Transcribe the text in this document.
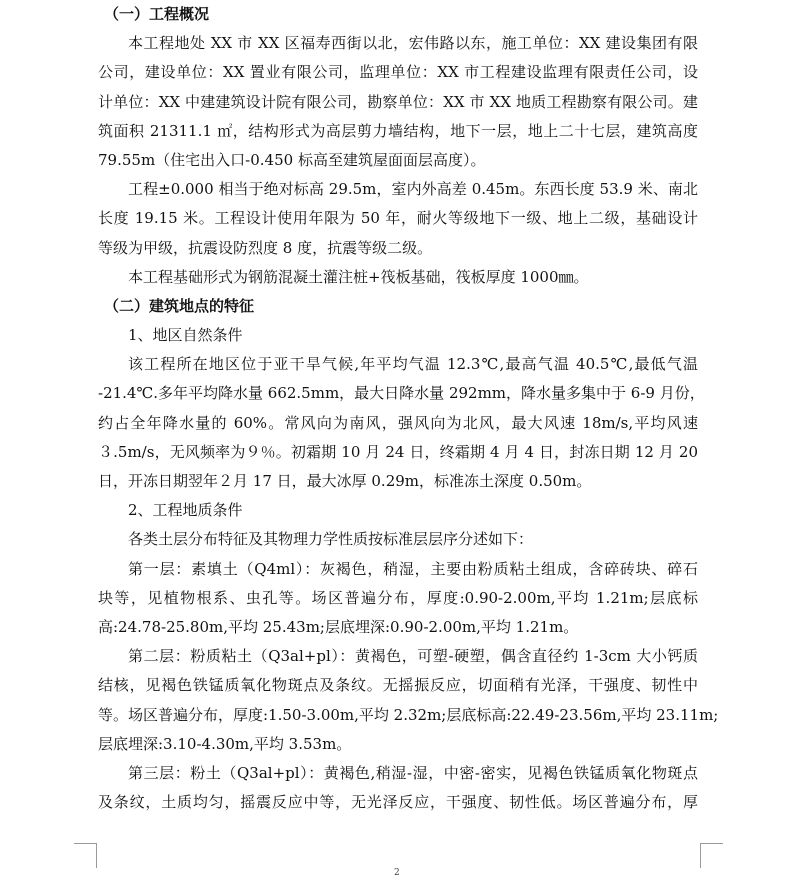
（一）工程概况
本工程地处 XX 市 XX 区福寿西街以北，宏伟路以东，施工单位：XX 建设集团有限
公司，建设单位：XX 置业有限公司，监理单位：XX 市工程建设监理有限责任公司，设
计单位：XX 中建建筑设计院有限公司，勘察单位：XX 市 XX 地质工程勘察有限公司。建
筑面积 21311.1 ㎡，结构形式为高层剪力墙结构，地下一层，地上二十七层，建筑高度
79.55m（住宅出入口-0.450 标高至建筑屋面面层高度）。
工程±0.000 相当于绝对标高 29.5m，室内外高差 0.45m。东西长度 53.9 米、南北
长度 19.15 米。工程设计使用年限为 50 年，耐火等级地下一级、地上二级，基础设计
等级为甲级，抗震设防烈度 8 度，抗震等级二级。
本工程基础形式为钢筋混凝土灌注桩+筏板基础，筏板厚度 1000㎜。
（二）建筑地点的特征
1、地区自然条件
该工程所在地区位于亚干旱气候,年平均气温 12.3℃,最高气温 40.5℃,最低气温
-21.4℃.多年平均降水量 662.5mm，最大日降水量 292mm，降水量多集中于 6-9 月份，
约占全年降水量的 60%。常风向为南风，强风向为北风，最大风速 18m/s,平均风速
３.5m/s，无风频率为９％。初霜期 10 月 24 日，终霜期 4 月 4 日，封冻日期 12 月 20
日，开冻日期翌年２月 17 日，最大冰厚 0.29m，标准冻土深度 0.50m。
2、工程地质条件
各类土层分布特征及其物理力学性质按标准层层序分述如下：
第一层：素填土（Q4ml）：灰褐色，稍湿，主要由粉质粘土组成，含碎砖块、碎石
块等，见植物根系、虫孔等。场区普遍分布，厚度:0.90-2.00m,平均 1.21m;层底标
高:24.78-25.80m,平均 25.43m;层底埋深:0.90-2.00m,平均 1.21m。
第二层：粉质粘土（Q3al+pl）：黄褐色，可塑-硬塑，偶含直径约 1-3cm 大小钙质
结核，见褐色铁锰质氧化物斑点及条纹。无摇振反应，切面稍有光泽，干强度、韧性中
等。场区普遍分布，厚度:1.50-3.00m,平均 2.32m;层底标高:22.49-23.56m,平均 23.11m;
层底埋深:3.10-4.30m,平均 3.53m。
第三层：粉土（Q3al+pl）：黄褐色,稍湿-湿，中密-密实，见褐色铁锰质氧化物斑点
及条纹，土质均匀，摇震反应中等，无光泽反应，干强度、韧性低。场区普遍分布，厚
2
